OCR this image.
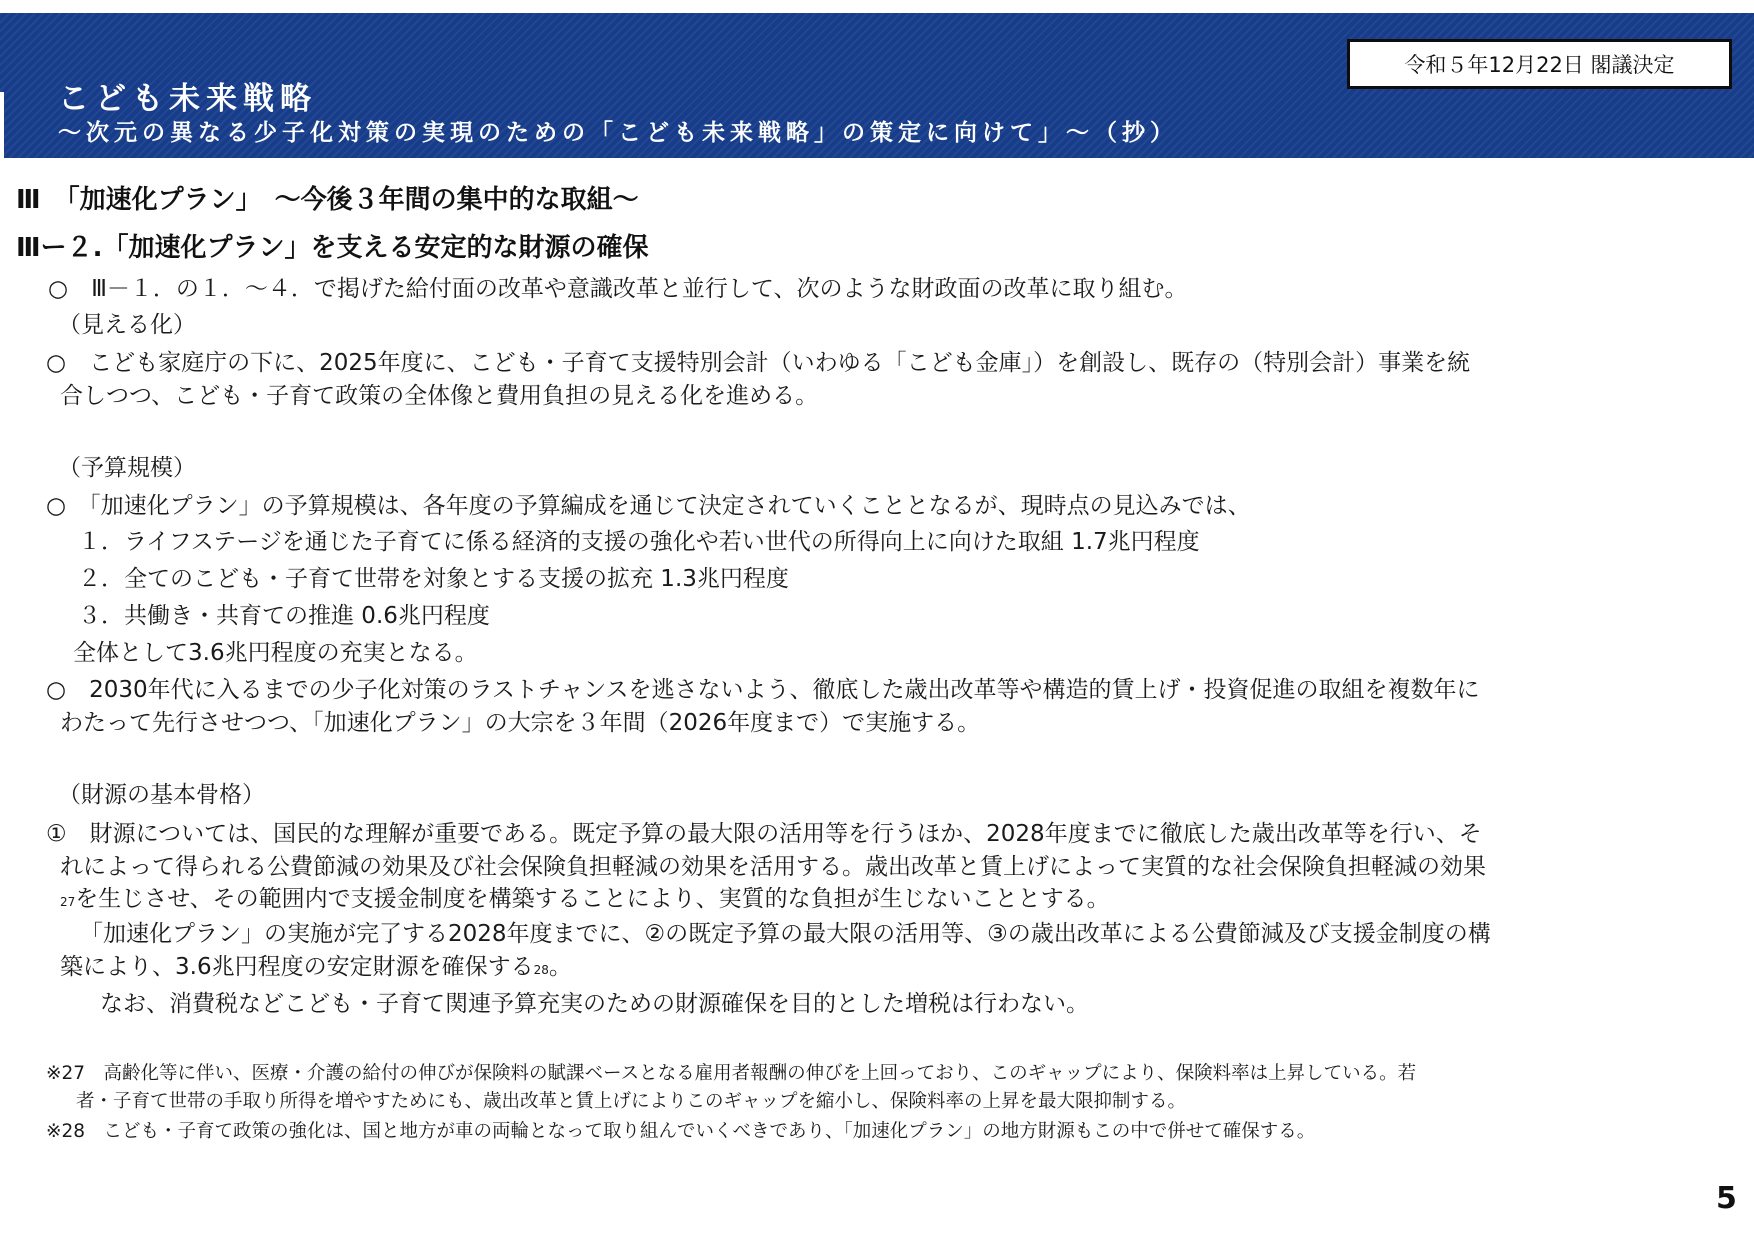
こども未来戦略
～次元の異なる少子化対策の実現のための「こども未来戦略」の策定に向けて」～（抄）
令和５年12月22日 閣議決定
Ⅲ　「加速化プラン」　～今後３年間の集中的な取組～
Ⅲー２.「加速化プラン」を支える安定的な財源の確保
○　Ⅲ－１．の１．～４．で掲げた給付面の改革や意識改革と並行して、次のような財政面の改革に取り組む。
（見える化）
○　こども家庭庁の下に、2025年度に、こども・子育て支援特別会計（いわゆる「こども金庫」）を創設し、既存の（特別会計）事業を統
合しつつ、こども・子育て政策の全体像と費用負担の見える化を進める。
（予算規模）
○　「加速化プラン」の予算規模は、各年度の予算編成を通じて決定されていくこととなるが、現時点の見込みでは、
１．ライフステージを通じた子育てに係る経済的支援の強化や若い世代の所得向上に向けた取組 1.7兆円程度
２．全てのこども・子育て世帯を対象とする支援の拡充 1.3兆円程度
３．共働き・共育ての推進 0.6兆円程度
全体として3.6兆円程度の充実となる。
○　2030年代に入るまでの少子化対策のラストチャンスを逃さないよう、徹底した歳出改革等や構造的賃上げ・投資促進の取組を複数年に
わたって先行させつつ、「加速化プラン」の大宗を３年間（2026年度まで）で実施する。
（財源の基本骨格）
①　財源については、国民的な理解が重要である。既定予算の最大限の活用等を行うほか、2028年度までに徹底した歳出改革等を行い、そ
れによって得られる公費節減の効果及び社会保険負担軽減の効果を活用する。歳出改革と賃上げによって実質的な社会保険負担軽減の効果
27を生じさせ、その範囲内で支援金制度を構築することにより、実質的な負担が生じないこととする。
「加速化プラン」の実施が完了する2028年度までに、②の既定予算の最大限の活用等、③の歳出改革による公費節減及び支援金制度の構
築により、3.6兆円程度の安定財源を確保する28。
なお、消費税などこども・子育て関連予算充実のための財源確保を目的とした増税は行わない。
※27　高齢化等に伴い、医療・介護の給付の伸びが保険料の賦課ベースとなる雇用者報酬の伸びを上回っており、このギャップにより、保険料率は上昇している。若
者・子育て世帯の手取り所得を増やすためにも、歳出改革と賃上げによりこのギャップを縮小し、保険料率の上昇を最大限抑制する。
※28　こども・子育て政策の強化は、国と地方が車の両輪となって取り組んでいくべきであり、「加速化プラン」の地方財源もこの中で併せて確保する。
5
